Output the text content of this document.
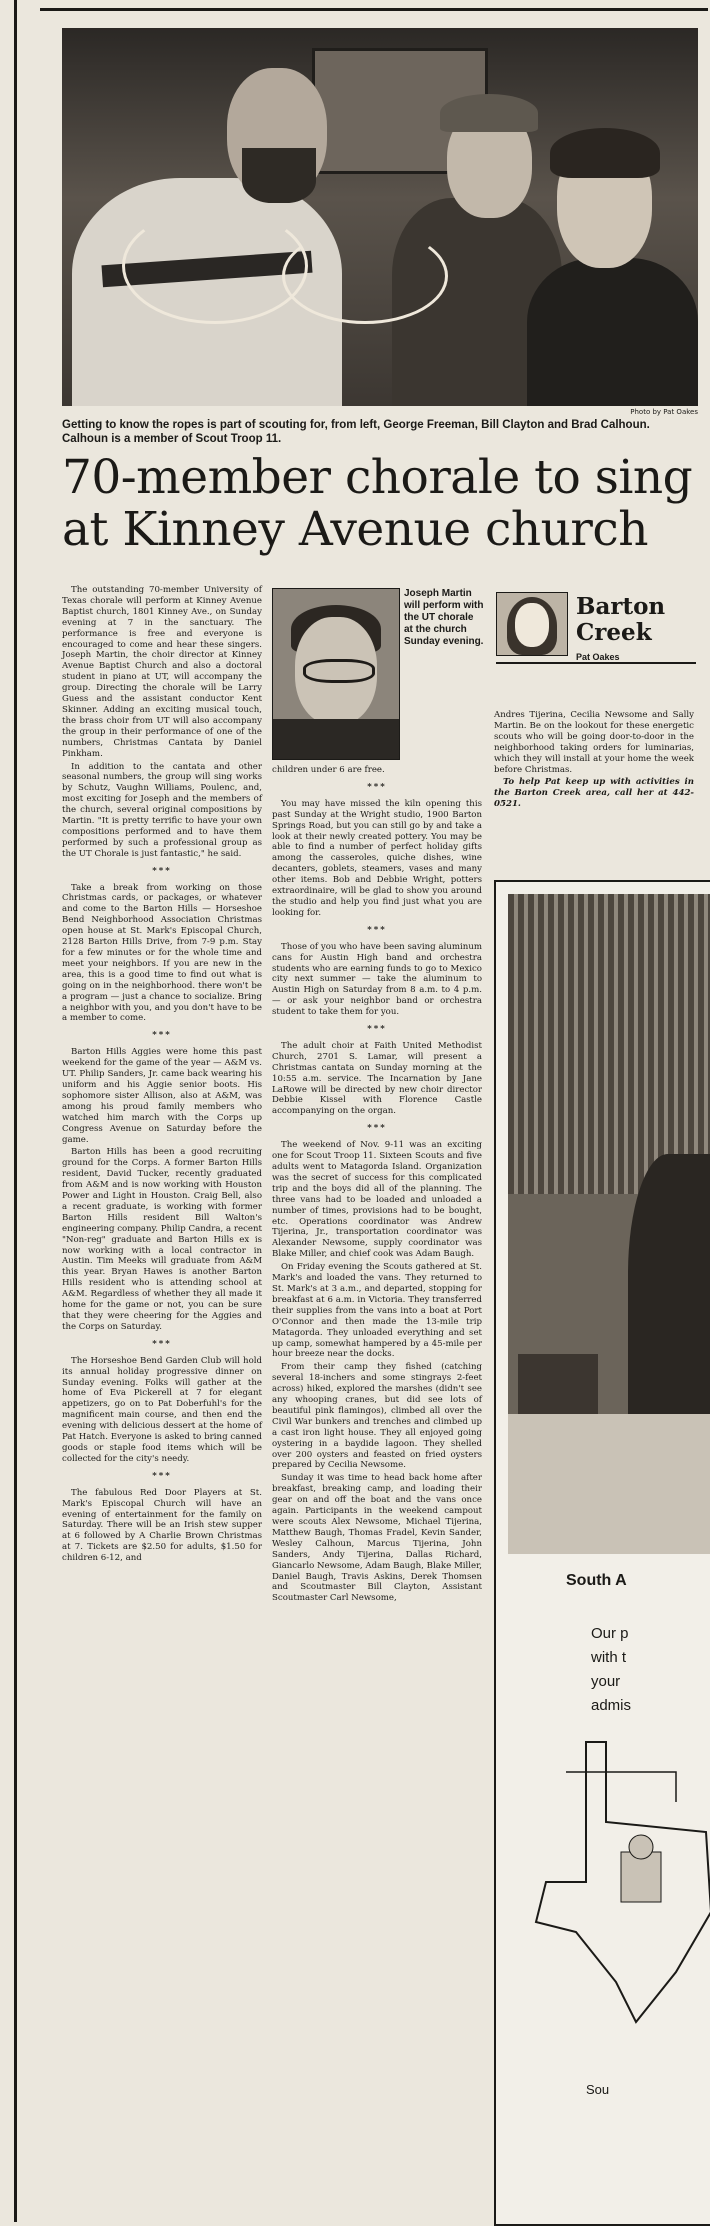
Photo by Pat Oakes
Getting to know the ropes is part of scouting for, from left, George Freeman, Bill Clayton and Brad Calhoun. Calhoun is a member of Scout Troop 11.
70-member chorale to sing at Kinney Avenue church

The outstanding 70-member University of Texas chorale will perform at Kinney Avenue Baptist church, 1801 Kinney Ave., on Sunday evening at 7 in the sanctuary. The performance is free and everyone is encouraged to come and hear these singers. Joseph Martin, the choir director at Kinney Avenue Baptist Church and also a doctoral student in piano at UT, will accompany the group. Directing the chorale will be Larry Guess and the assistant conductor Kent Skinner. Adding an exciting musical touch, the brass choir from UT will also accompany the group in their performance of one of the numbers, Christmas Cantata by Daniel Pinkham.

In addition to the cantata and other seasonal numbers, the group will sing works by Schutz, Vaughn Williams, Poulenc, and, most exciting for Joseph and the members of the church, several original compositions by Martin. "It is pretty terrific to have your own compositions performed and to have them performed by such a professional group as the UT Chorale is just fantastic," he said.

***

Take a break from working on those Christmas cards, or packages, or whatever and come to the Barton Hills — Horseshoe Bend Neighborhood Association Christmas open house at St. Mark's Episcopal Church, 2128 Barton Hills Drive, from 7-9 p.m. Stay for a few minutes or for the whole time and meet your neighbors. If you are new in the area, this is a good time to find out what is going on in the neighborhood. there won't be a program — just a chance to socialize. Bring a neighbor with you, and you don't have to be a member to come.

***

Barton Hills Aggies were home this past weekend for the game of the year — A&M vs. UT. Philip Sanders, Jr. came back wearing his uniform and his Aggie senior boots. His sophomore sister Allison, also at A&M, was among his proud family members who watched him march with the Corps up Congress Avenue on Saturday before the game.

Barton Hills has been a good recruiting ground for the Corps. A former Barton Hills resident, David Tucker, recently graduated from A&M and is now working with Houston Power and Light in Houston. Craig Bell, also a recent graduate, is working with former Barton Hills resident Bill Walton's engineering company. Philip Candra, a recent "Non-reg" graduate and Barton Hills ex is now working with a local contractor in Austin. Tim Meeks will graduate from A&M this year. Bryan Hawes is another Barton Hills resident who is attending school at A&M. Regardless of whether they all made it home for the game or not, you can be sure that they were cheering for the Aggies and the Corps on Saturday.

***

The Horseshoe Bend Garden Club will hold its annual holiday progressive dinner on Sunday evening. Folks will gather at the home of Eva Pickerell at 7 for elegant appetizers, go on to Pat Doberfuhl's for the magnificent main course, and then end the evening with delicious dessert at the home of Pat Hatch. Everyone is asked to bring canned goods or staple food items which will be collected for the city's needy.

***

The fabulous Red Door Players at St. Mark's Episcopal Church will have an evening of entertainment for the family on Saturday. There will be an Irish stew supper at 6 followed by A Charlie Brown Christmas at 7. Tickets are $2.50 for adults, $1.50 for children 6-12, and

Joseph Martin will perform with the UT chorale at the church Sunday evening.

children under 6 are free.

***

You may have missed the kiln opening this past Sunday at the Wright studio, 1900 Barton Springs Road, but you can still go by and take a look at their newly created pottery. You may be able to find a number of perfect holiday gifts among the casseroles, quiche dishes, wine decanters, goblets, steamers, vases and many other items. Bob and Debbie Wright, potters extraordinaire, will be glad to show you around the studio and help you find just what you are looking for.

***

Those of you who have been saving aluminum cans for Austin High band and orchestra students who are earning funds to go to Mexico city next summer — take the aluminum to Austin High on Saturday from 8 a.m. to 4 p.m. — or ask your neighbor band or orchestra student to take them for you.

***

The adult choir at Faith United Methodist Church, 2701 S. Lamar, will present a Christmas cantata on Sunday morning at the 10:55 a.m. service. The Incarnation by Jane LaRowe will be directed by new choir director Debbie Kissel with Florence Castle accompanying on the organ.

***

The weekend of Nov. 9-11 was an exciting one for Scout Troop 11. Sixteen Scouts and five adults went to Matagorda Island. Organization was the secret of success for this complicated trip and the boys did all of the planning. The three vans had to be loaded and unloaded a number of times, provisions had to be bought, etc. Operations coordinator was Andrew Tijerina, Jr., transportation coordinator was Alexander Newsome, supply coordinator was Blake Miller, and chief cook was Adam Baugh.

On Friday evening the Scouts gathered at St. Mark's and loaded the vans. They returned to St. Mark's at 3 a.m., and departed, stopping for breakfast at 6 a.m. in Victoria. They transferred their supplies from the vans into a boat at Port O'Connor and then made the 13-mile trip Matagorda. They unloaded everything and set up camp, somewhat hampered by a 45-mile per hour breeze near the docks.

From their camp they fished (catching several 18-inchers and some stingrays 2-feet across) hiked, explored the marshes (didn't see any whooping cranes, but did see lots of beautiful pink flamingos), climbed all over the Civil War bunkers and trenches and climbed up a cast iron light house. They all enjoyed going oystering in a baydide lagoon. They shelled over 200 oysters and feasted on fried oysters prepared by Cecilia Newsome.

Sunday it was time to head back home after breakfast, breaking camp, and loading their gear on and off the boat and the vans once again. Participants in the weekend campout were scouts Alex Newsome, Michael Tijerina, Matthew Baugh, Thomas Fradel, Kevin Sander, Wesley Calhoun, Marcus Tijerina, John Sanders, Andy Tijerina, Dallas Richard, Giancarlo Newsome, Adam Baugh, Blake Miller, Daniel Baugh, Travis Askins, Derek Thomsen and Scoutmaster Bill Clayton, Assistant Scoutmaster Carl Newsome,

Barton Creek
Pat Oakes

Andres Tijerina, Cecilia Newsome and Sally Martin. Be on the lookout for these energetic scouts who will be going door-to-door in the neighborhood taking orders for luminarias, which they will install at your home the week before Christmas.

To help Pat keep up with activities in the Barton Creek area, call her at 442-0521.

South A
Our p
with t
your
admis
Sou
